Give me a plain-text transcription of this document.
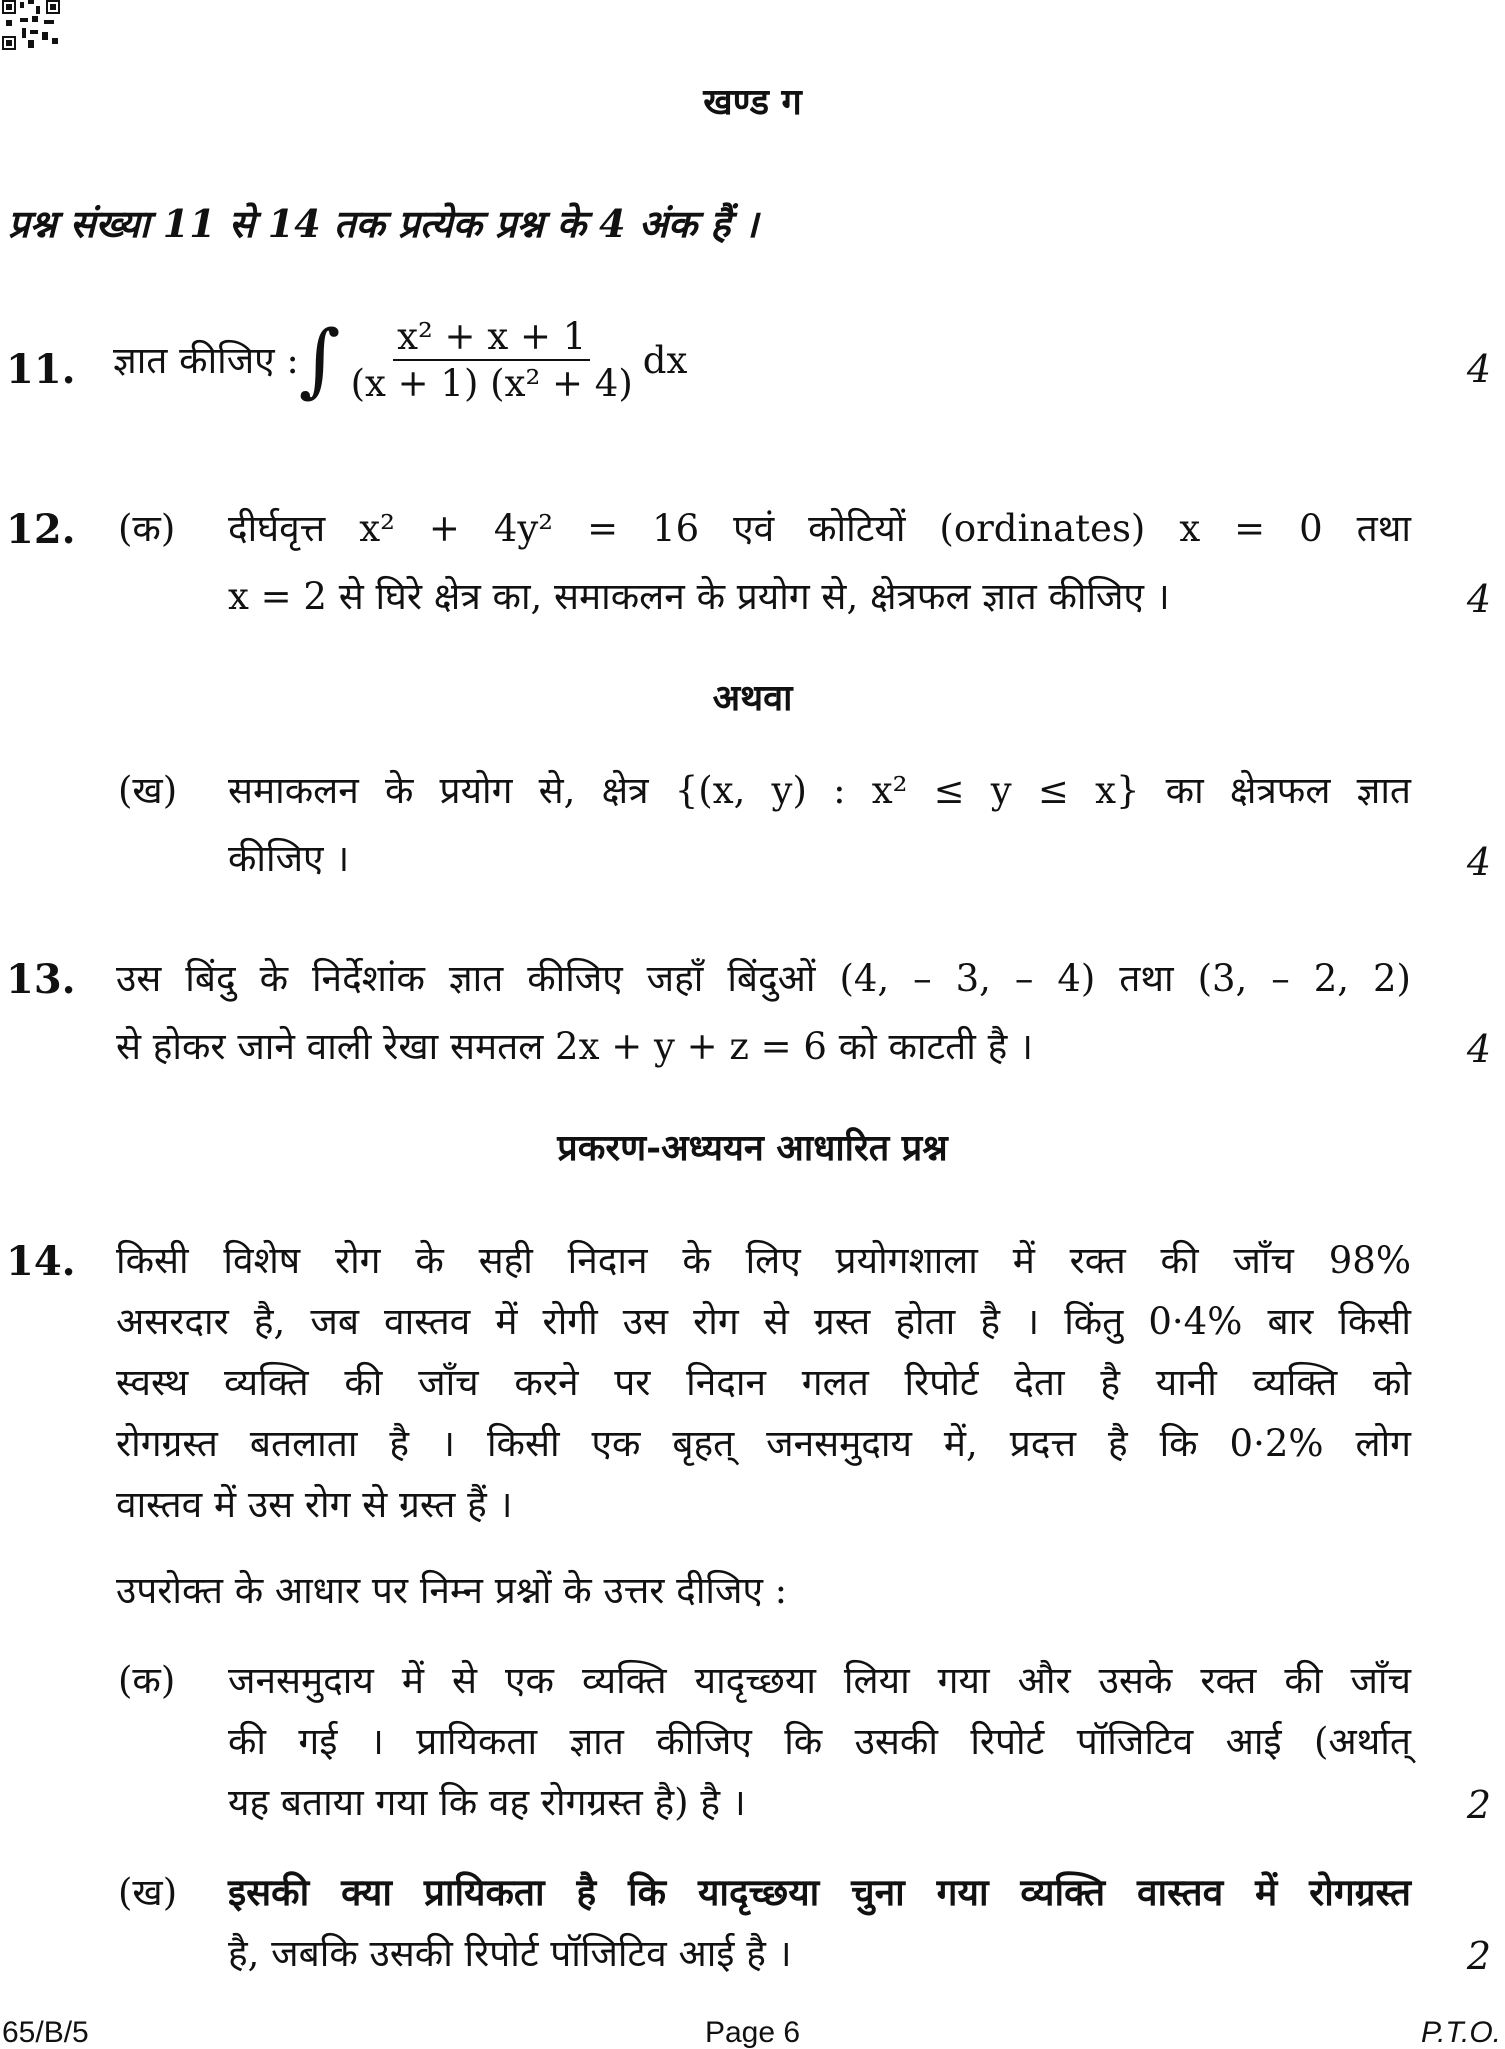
खण्ड ग
प्रश्न संख्या 11 से 14 तक प्रत्येक प्रश्न के 4 अंक हैं ।
11. ज्ञात कीजिए : ∫ $\frac{\text{x² + x + 1}}{\text{(x + 1) (x² + 4)}}$ dx	4
12. (क) दीर्घवृत्त x² + 4y² = 16 एवं कोटियों (ordinates) x = 0 तथा
x = 2 से घिरे क्षेत्र का, समाकलन के प्रयोग से, क्षेत्रफल ज्ञात कीजिए ।	4
अथवा
(ख) समाकलन के प्रयोग से, क्षेत्र {(x, y) : x² ≤ y ≤ x} का क्षेत्रफल ज्ञात
कीजिए ।	4
13. उस बिंदु के निर्देशांक ज्ञात कीजिए जहाँ बिंदुओं (4, – 3, – 4) तथा (3, – 2, 2)
से होकर जाने वाली रेखा समतल 2x + y + z = 6 को काटती है ।	4
प्रकरण-अध्ययन आधारित प्रश्न
14. किसी विशेष रोग के सही निदान के लिए प्रयोगशाला में रक्त की जाँच 98%
असरदार है, जब वास्तव में रोगी उस रोग से ग्रस्त होता है । किंतु 0·4% बार किसी
स्वस्थ व्यक्ति की जाँच करने पर निदान गलत रिपोर्ट देता है यानी व्यक्ति को
रोगग्रस्त बतलाता है । किसी एक बृहत् जनसमुदाय में, प्रदत्त है कि 0·2% लोग
वास्तव में उस रोग से ग्रस्त हैं ।
उपरोक्त के आधार पर निम्न प्रश्नों के उत्तर दीजिए :
(क) जनसमुदाय में से एक व्यक्ति यादृच्छया लिया गया और उसके रक्त की जाँच
की गई । प्रायिकता ज्ञात कीजिए कि उसकी रिपोर्ट पॉजिटिव आई (अर्थात्
यह बताया गया कि वह रोगग्रस्त है) है ।	2
(ख) इसकी क्या प्रायिकता है कि यादृच्छया चुना गया व्यक्ति वास्तव में रोगग्रस्त
है, जबकि उसकी रिपोर्ट पॉजिटिव आई है ।	2
65/B/5	Page 6	P.T.O.
